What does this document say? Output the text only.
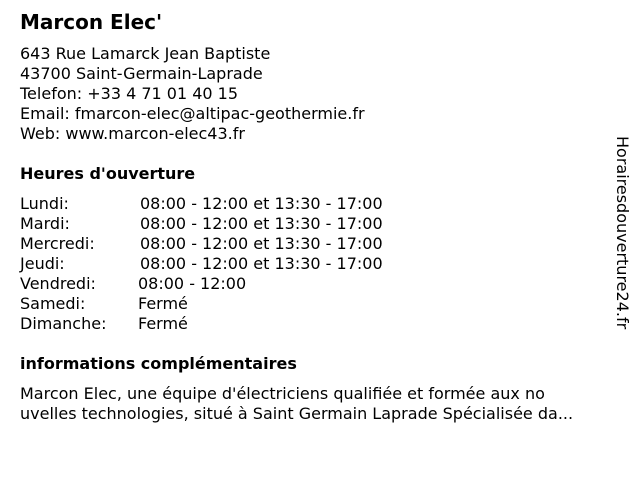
Marcon Elec'
643 Rue Lamarck Jean Baptiste
43700 Saint-Germain-Laprade
Telefon: +33 4 71 01 40 15
Email: fmarcon-elec@altipac-geothermie.fr
Web: www.marcon-elec43.fr
Heures d'ouverture
Lundi:	08:00 - 12:00 et 13:30 - 17:00
Mardi:	08:00 - 12:00 et 13:30 - 17:00
Mercredi:	08:00 - 12:00 et 13:30 - 17:00
Jeudi:	08:00 - 12:00 et 13:30 - 17:00
Vendredi:	08:00 - 12:00
Samedi:	Fermé
Dimanche: Fermé
informations complémentaires
Marcon Elec, une équipe d'électriciens qualifiée et formée aux no
uvelles technologies, situé à Saint Germain Laprade Spécialisée da...
Horairesdouverture24.fr
